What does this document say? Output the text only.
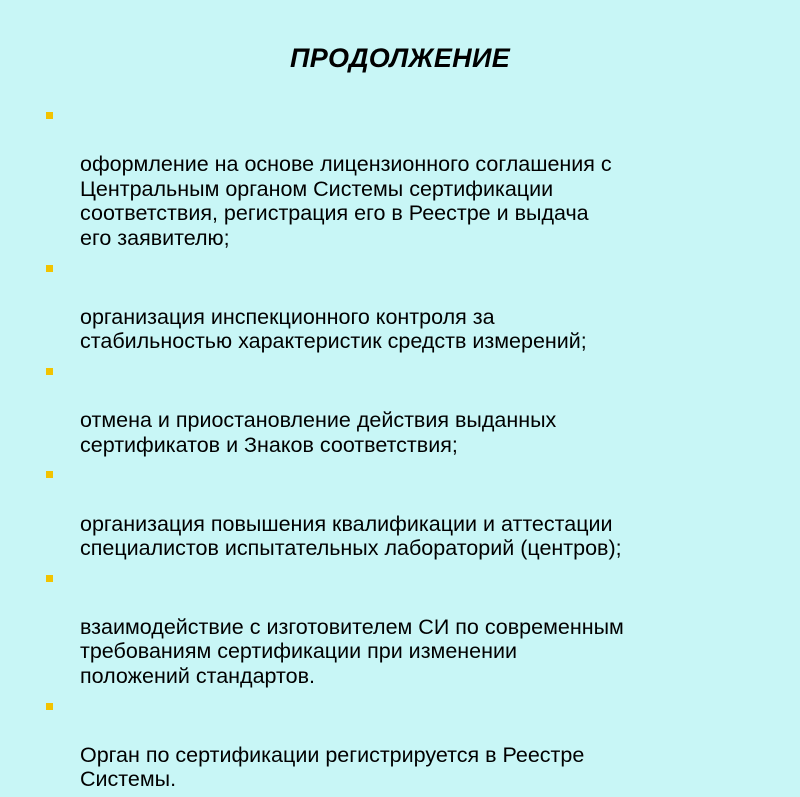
ПРОДОЛЖЕНИЕ

оформление на основе лицензионного соглашения с
Центральным органом Системы сертификации
соответствия, регистрация его в Реестре и выдача
его заявителю;

организация инспекционного контроля за
стабильностью характеристик средств измерений;

отмена и приостановление действия выданных
сертификатов и Знаков соответствия;

организация повышения квалификации и аттестации
специалистов испытательных лабораторий (центров);

взаимодействие с изготовителем СИ по современным
требованиям сертификации при изменении
положений стандартов.

Орган по сертификации регистрируется в Реестре
Системы.
